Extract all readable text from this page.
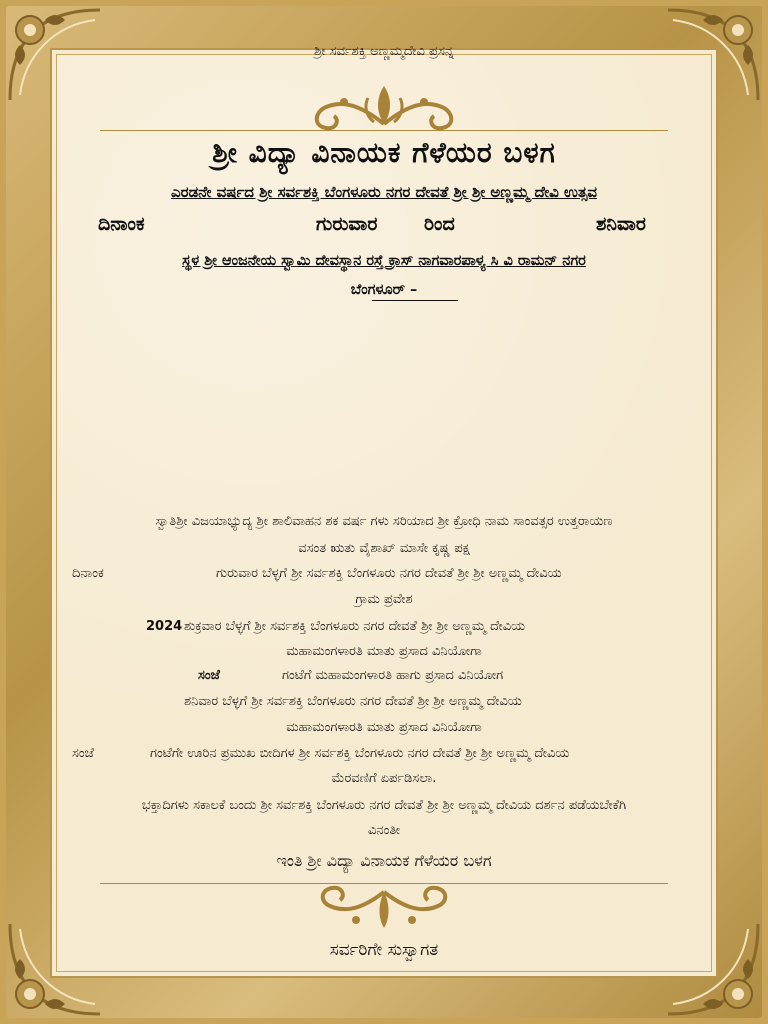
ಶ್ರೀ ಸರ್ವಶಕ್ತಿ ಅಣ್ಣಮ್ಮದೇವಿ ಪ್ರಸನ್ನ
ಶ್ರೀ ವಿದ್ಯಾ ವಿನಾಯಕ ಗೆಳೆಯರ ಬಳಗ
ಎರಡನೇ ವರ್ಷದ ಶ್ರೀ ಸರ್ವಶಕ್ತಿ ಬೆಂಗಳೂರು ನಗರ ದೇವತೆ ಶ್ರೀ ಶ್ರೀ ಅಣ್ಣಮ್ಮ ದೇವಿ ಉತ್ಸವ
ದಿನಾಂಕ	ಗುರುವಾರ ರಿಂದ	ಶನಿವಾರ
ಸ್ಥಳ ಶ್ರೀ ಆಂಜನೇಯ ಸ್ವಾಮಿ ದೇವಸ್ಥಾನ ರಸ್ತೆ ಕ್ರಾಸ್ ನಾಗವಾರಪಾಳ್ಯ ಸಿ ವಿ ರಾಮನ್ ನಗರ
ಬೆಂಗಳೂರ್ –
ಸ್ವಾತಿಶ್ರೀ ವಿಜಯಾಭ್ಯುದ್ಯ ಶ್ರೀ ಶಾಲಿವಾಹನ ಶಕ ವರ್ಷ ಗಳು ಸರಿಯಾದ ಶ್ರೀ ಕ್ರೋಧಿ ನಾಮ ಸಾಂವತ್ಸರ ಉತ್ತರಾಯಣ
ವಸಂತ ಋತು ವೈಶಾಖ್ ಮಾಸೇ ಕೃಷ್ಣ ಪಕ್ಷ
ದಿನಾಂಕ	ಗುರುವಾರ ಬೆಳ್ಳಗೆ ಶ್ರೀ ಸರ್ವಶಕ್ತಿ ಬೆಂಗಳೂರು ನಗರ ದೇವತೆ ಶ್ರೀ ಶ್ರೀ ಅಣ್ಣಮ್ಮ ದೇವಿಯ
ಗ್ರಾಮ ಪ್ರವೇಶ
2024 ಶುಕ್ರವಾರ ಬೆಳ್ಳಗೆ ಶ್ರೀ ಸರ್ವಶಕ್ತಿ ಬೆಂಗಳೂರು ನಗರ ದೇವತೆ ಶ್ರೀ ಶ್ರೀ ಅಣ್ಣಮ್ಮ ದೇವಿಯ
ಮಹಾಮಂಗಳಾರತಿ ಮಾತು ಪ್ರಸಾದ ವಿನಿಯೋಗಾ
ಸಂಜೆ	ಗಂಟೆಗೆ ಮಹಾಮಂಗಳಾರತಿ ಹಾಗು ಪ್ರಸಾದ ವಿನಿಯೋಗ
ಶನಿವಾರ ಬೆಳ್ಳಗೆ ಶ್ರೀ ಸರ್ವಶಕ್ತಿ ಬೆಂಗಳೂರು ನಗರ ದೇವತೆ ಶ್ರೀ ಶ್ರೀ ಅಣ್ಣಮ್ಮ ದೇವಿಯ
ಮಹಾಮಂಗಳಾರತಿ ಮಾತು ಪ್ರಸಾದ ವಿನಿಯೋಗಾ
ಸಂಜೆ	ಗಂಟೆಗೇ ಊರಿನ ಪ್ರಮುಖ ಬೀದಿಗಳ ಶ್ರೀ ಸರ್ವಶಕ್ತಿ ಬೆಂಗಳೂರು ನಗರ ದೇವತೆ ಶ್ರೀ ಶ್ರೀ ಅಣ್ಣಮ್ಮ ದೇವಿಯ
ಮೆರವಣಿಗೆ ಏರ್ಪಡಿಸಲಾ.
ಭಕ್ತಾದಿಗಳು ಸಕಾಲಕೆ ಬಂದು ಶ್ರೀ ಸರ್ವಶಕ್ತಿ ಬೆಂಗಳೂರು ನಗರ ದೇವತೆ ಶ್ರೀ ಶ್ರೀ ಅಣ್ಣಮ್ಮ ದೇವಿಯ ದರ್ಶನ ಪಡೆಯಬೇಕೆಗಿ
ವಿನಂತೀ
ಇಂತಿ ಶ್ರೀ ವಿದ್ಯಾ ವಿನಾಯಕ ಗೆಳೆಯರ ಬಳಗ
ಸರ್ವರಿಗೇ ಸುಸ್ವಾಗತ
